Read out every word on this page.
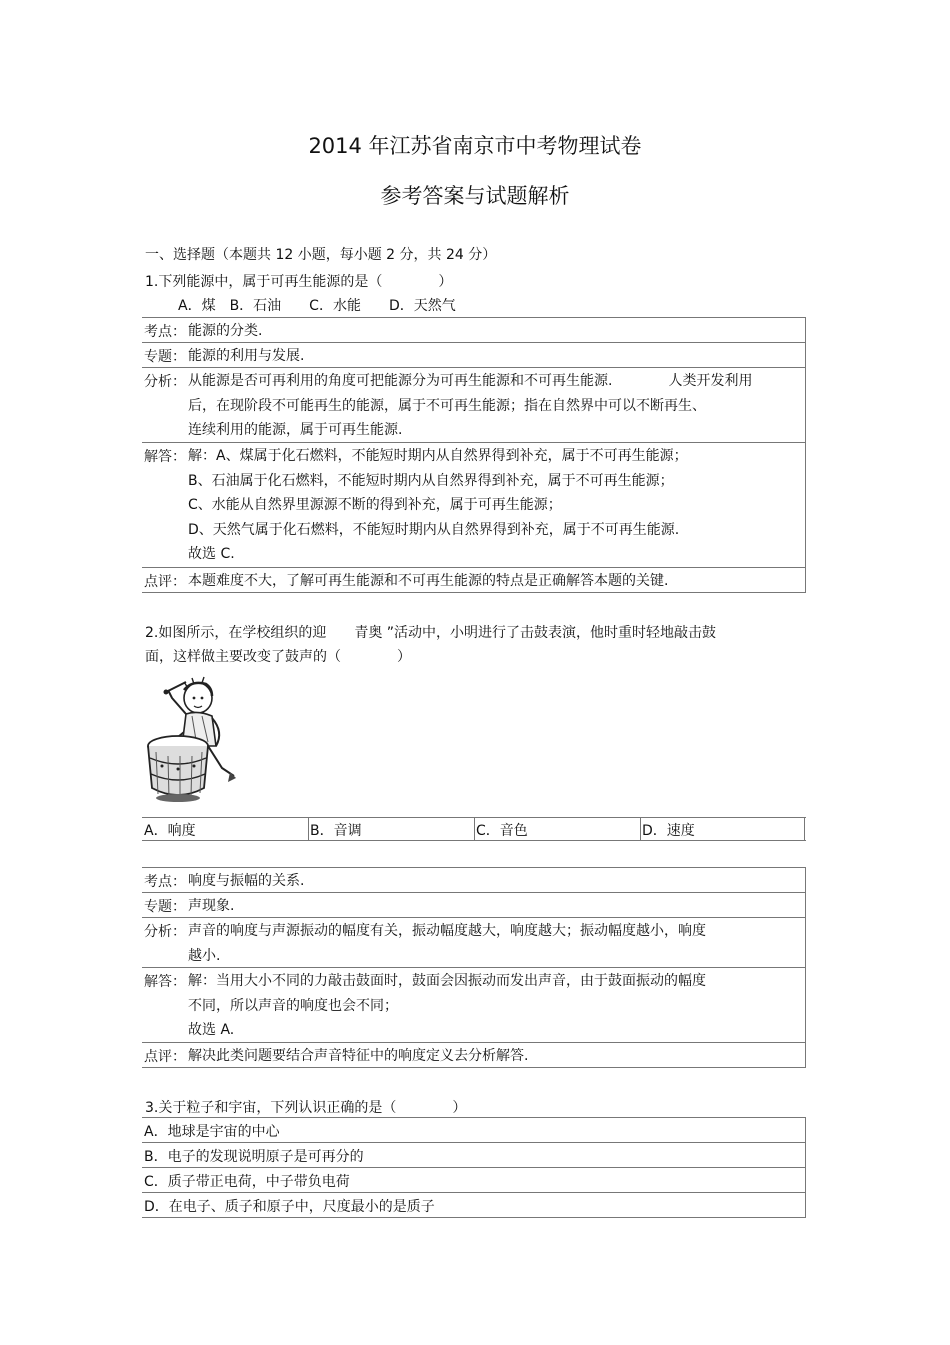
2014 年江苏省南京市中考物理试卷
参考答案与试题解析
一、选择题（本题共 12 小题，每小题 2 分，共 24 分）
1.下列能源中，属于可再生能源的是（　　　　）
A．煤　B．石油　　C．水能　　D．天然气
考点： 能源的分类.
专题： 能源的利用与发展.
分析： 从能源是否可再利用的角度可把能源分为可再生能源和不可再生能源.　　　　人类开发利用
后，在现阶段不可能再生的能源，属于不可再生能源；指在自然界中可以不断再生、
连续利用的能源，属于可再生能源.
解答： 解：A、煤属于化石燃料，不能短时期内从自然界得到补充，属于不可再生能源；
B、石油属于化石燃料，不能短时期内从自然界得到补充，属于不可再生能源；
C、水能从自然界里源源不断的得到补充，属于可再生能源；
D、天然气属于化石燃料，不能短时期内从自然界得到补充，属于不可再生能源.
故选 C.
点评： 本题难度不大，了解可再生能源和不可再生能源的特点是正确解答本题的关键.
2.如图所示，在学校组织的迎　　青奥 ”活动中，小明进行了击鼓表演，他时重时轻地敲击鼓
面，这样做主要改变了鼓声的（　　　　）
A．响度	B．音调	C．音色	D．速度
考点： 响度与振幅的关系.
专题： 声现象.
分析： 声音的响度与声源振动的幅度有关，振动幅度越大，响度越大；振动幅度越小，响度
越小.
解答： 解：当用大小不同的力敲击鼓面时，鼓面会因振动而发出声音，由于鼓面振动的幅度
不同，所以声音的响度也会不同；
故选 A.
点评： 解决此类问题要结合声音特征中的响度定义去分析解答.
3.关于粒子和宇宙，下列认识正确的是（　　　　）
A．地球是宇宙的中心
B．电子的发现说明原子是可再分的
C．质子带正电荷，中子带负电荷
D．在电子、质子和原子中，尺度最小的是质子
